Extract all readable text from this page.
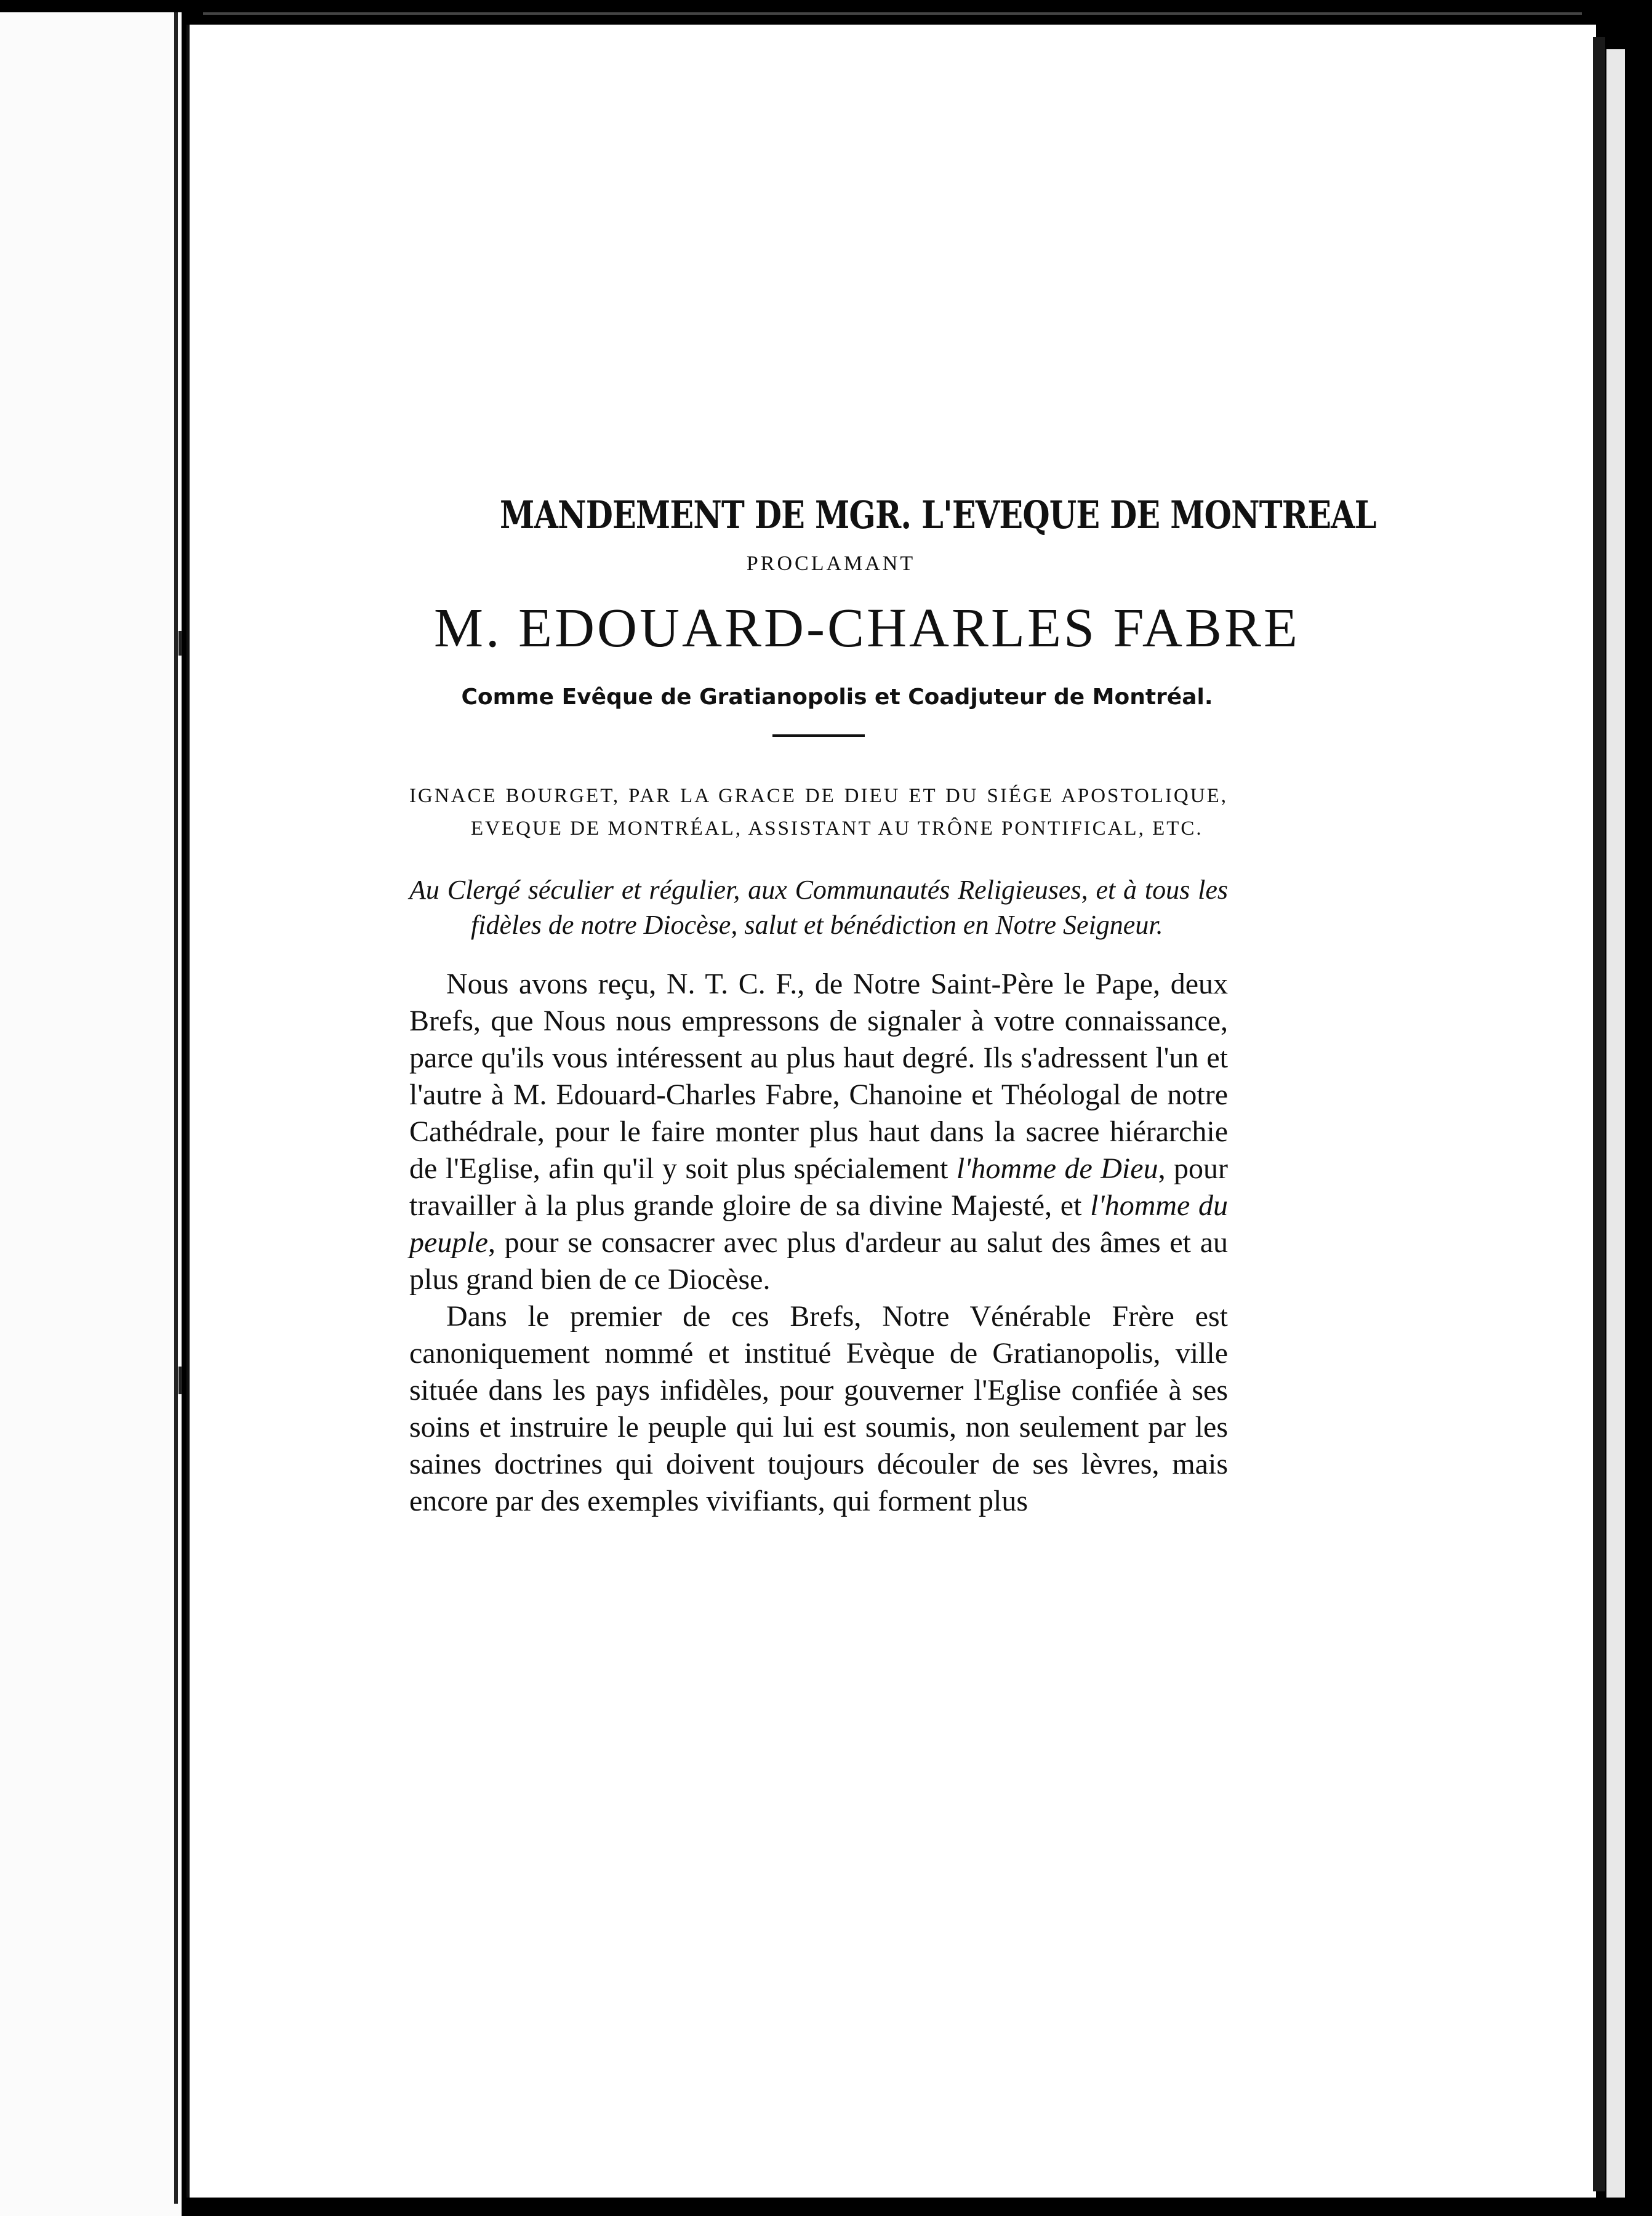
MANDEMENT DE MGR. L'EVEQUE DE MONTREAL
PROCLAMANT
M. EDOUARD-CHARLES FABRE
Comme Evêque de Gratianopolis et Coadjuteur de Montréal.

IGNACE BOURGET, PAR LA GRACE DE DIEU ET DU SIÉGE APOSTOLIQUE, EVEQUE DE MONTRÉAL, ASSISTANT AU TRÔNE PONTIFICAL, ETC.

Au Clergé séculier et régulier, aux Communautés Religieuses, et à tous les fidèles de notre Diocèse, salut et bénédiction en Notre Seigneur.

Nous avons reçu, N. T. C. F., de Notre Saint-Père le Pape, deux Brefs, que Nous nous empressons de signaler à votre connaissance, parce qu'ils vous intéressent au plus haut degré. Ils s'adressent l'un et l'autre à M. Edouard-Charles Fabre, Chanoine et Théologal de notre Cathédrale, pour le faire monter plus haut dans la sacree hiérarchie de l'Eglise, afin qu'il y soit plus spécialement l'homme de Dieu, pour travailler à la plus grande gloire de sa divine Majesté, et l'homme du peuple, pour se consacrer avec plus d'ardeur au salut des âmes et au plus grand bien de ce Diocèse.

Dans le premier de ces Brefs, Notre Vénérable Frère est canoniquement nommé et institué Evèque de Gratianopolis, ville située dans les pays infidèles, pour gouverner l'Eglise confiée à ses soins et instruire le peuple qui lui est soumis, non seulement par les saines doctrines qui doivent toujours découler de ses lèvres, mais encore par des exemples vivifiants, qui forment plus
